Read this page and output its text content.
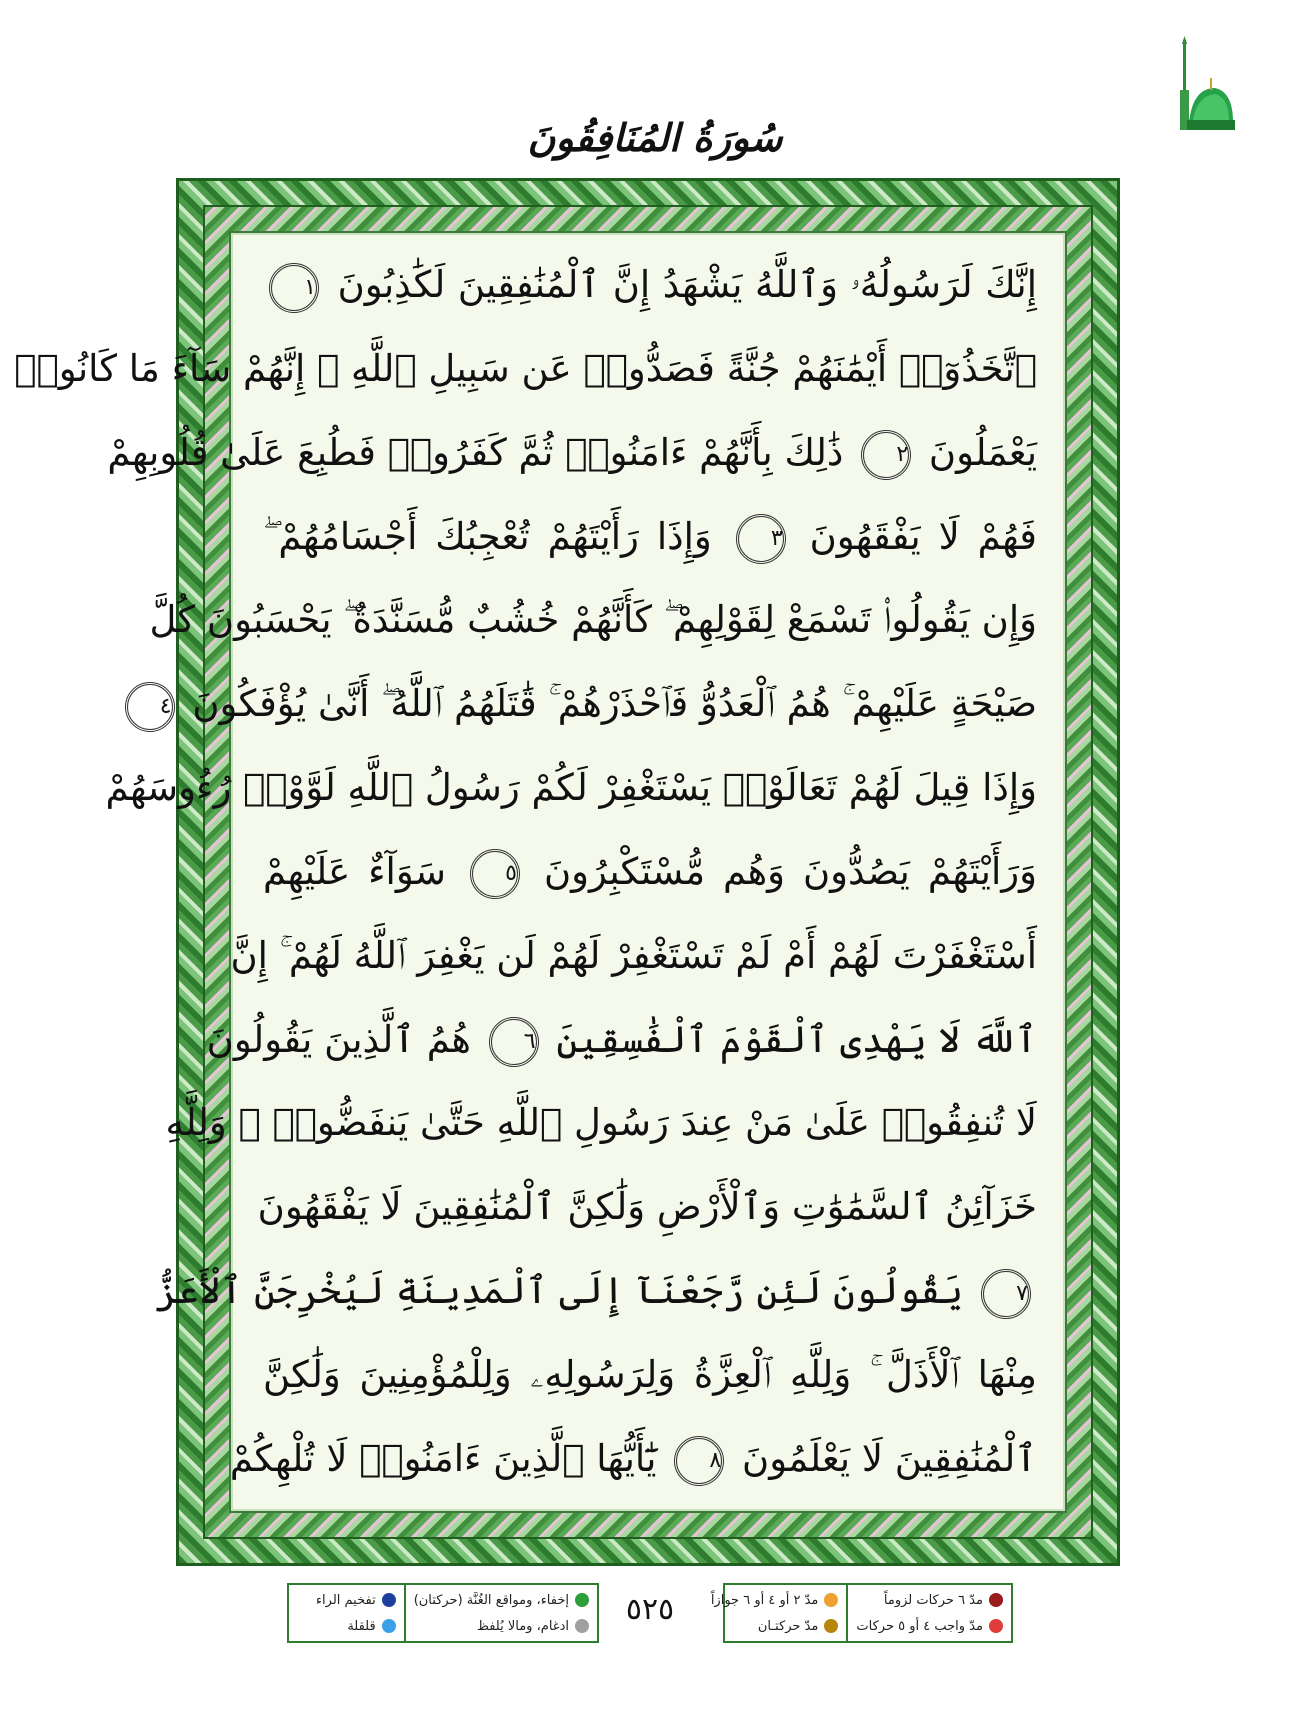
سُورَةُ المُنَافِقُونَ
إِنَّكَ لَرَسُولُهُۥ وَٱللَّهُ يَشْهَدُ إِنَّ ٱلْمُنَٰفِقِينَ لَكَٰذِبُونَ ١
ٱتَّخَذُوٓا۟ أَيْمَٰنَهُمْ جُنَّةً فَصَدُّوا۟ عَن سَبِيلِ ٱللَّهِ ۚ إِنَّهُمْ سَآءَ مَا كَانُوا۟
يَعْمَلُونَ ٢ ذَٰلِكَ بِأَنَّهُمْ ءَامَنُوا۟ ثُمَّ كَفَرُوا۟ فَطُبِعَ عَلَىٰ قُلُوبِهِمْ
فَهُمْ لَا يَفْقَهُونَ ٣ وَإِذَا رَأَيْتَهُمْ تُعْجِبُكَ أَجْسَامُهُمْ ۖ
وَإِن يَقُولُوا۟ تَسْمَعْ لِقَوْلِهِمْ ۖ كَأَنَّهُمْ خُشُبٌ مُّسَنَّدَةٌ ۖ يَحْسَبُونَ كُلَّ
صَيْحَةٍ عَلَيْهِمْ ۚ هُمُ ٱلْعَدُوُّ فَٱحْذَرْهُمْ ۚ قَٰتَلَهُمُ ٱللَّهُ ۖ أَنَّىٰ يُؤْفَكُونَ ٤
وَإِذَا قِيلَ لَهُمْ تَعَالَوْا۟ يَسْتَغْفِرْ لَكُمْ رَسُولُ ٱللَّهِ لَوَّوْا۟ رُءُوسَهُمْ
وَرَأَيْتَهُمْ يَصُدُّونَ وَهُم مُّسْتَكْبِرُونَ ٥ سَوَآءٌ عَلَيْهِمْ
أَسْتَغْفَرْتَ لَهُمْ أَمْ لَمْ تَسْتَغْفِرْ لَهُمْ لَن يَغْفِرَ ٱللَّهُ لَهُمْ ۚ إِنَّ
ٱللَّهَ لَا يَهْدِى ٱلْقَوْمَ ٱلْفَٰسِقِينَ ٦ هُمُ ٱلَّذِينَ يَقُولُونَ
لَا تُنفِقُوا۟ عَلَىٰ مَنْ عِندَ رَسُولِ ٱللَّهِ حَتَّىٰ يَنفَضُّوا۟ ۗ وَلِلَّهِ
خَزَآئِنُ ٱلسَّمَٰوَٰتِ وَٱلْأَرْضِ وَلَٰكِنَّ ٱلْمُنَٰفِقِينَ لَا يَفْقَهُونَ
٧ يَقُولُونَ لَئِن رَّجَعْنَآ إِلَى ٱلْمَدِينَةِ لَيُخْرِجَنَّ ٱلْأَعَزُّ
مِنْهَا ٱلْأَذَلَّ ۚ وَلِلَّهِ ٱلْعِزَّةُ وَلِرَسُولِهِۦ وَلِلْمُؤْمِنِينَ وَلَٰكِنَّ
ٱلْمُنَٰفِقِينَ لَا يَعْلَمُونَ ٨ يَٰٓأَيُّهَا ٱلَّذِينَ ءَامَنُوا۟ لَا تُلْهِكُمْ
إخفاء، ومواقع الغُنَّة (حركتان)
ادغام، ومالا يُلفظ
تفخيم الراء
قلقلة	٥٢٥	مدّ ٦ حركات لزوماً
مدّ واجب ٤ أو ٥ حركات
مدّ ٢ أو ٤ أو ٦ جوازاً
مدّ حركتـان
